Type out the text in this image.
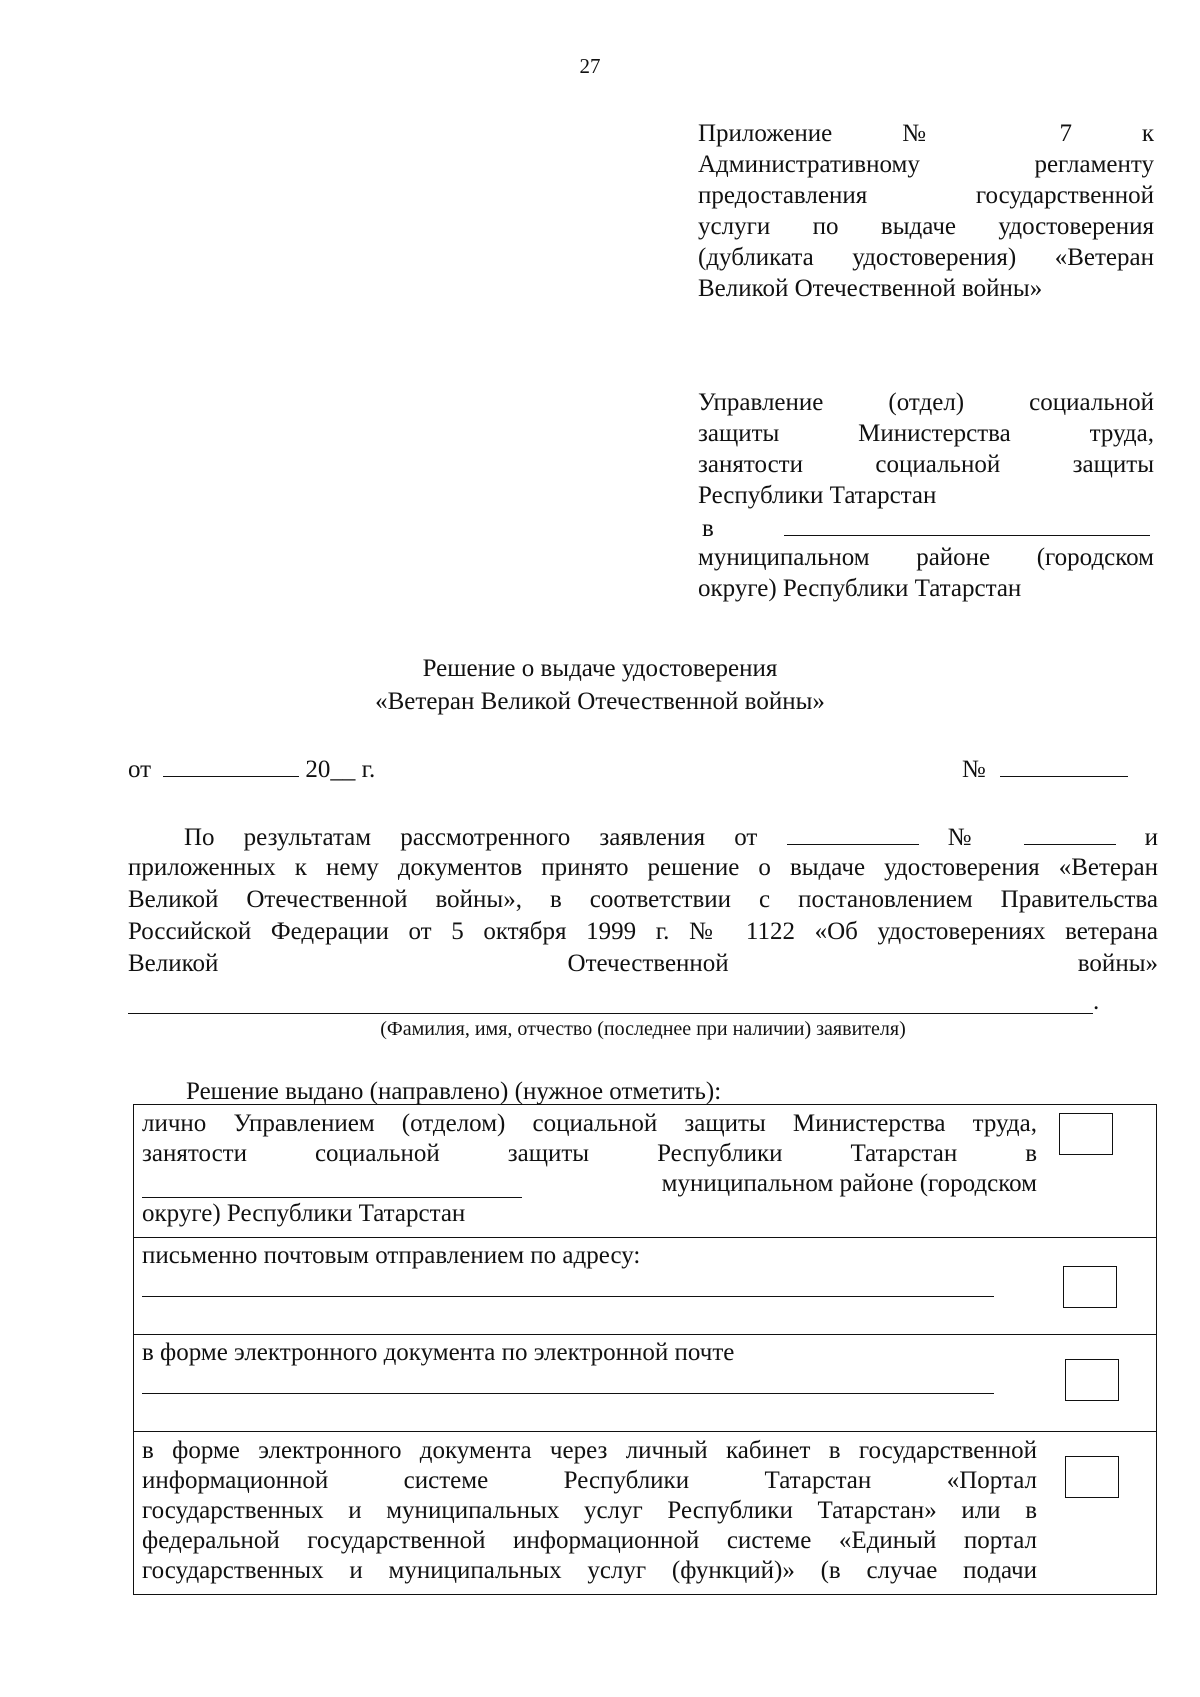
27
Приложение № 7 к
Административному регламенту
предоставления государственной
услуги по выдаче удостоверения
(дубликата удостоверения) «Ветеран
Великой Отечественной войны»
Управление (отдел) социальной
защиты Министерства труда,
занятости социальной защиты
Республики Татарстан
в
муниципальном районе (городском
округе) Республики Татарстан
Решение о выдаче удостоверения
«Ветеран Великой Отечественной войны»
от	20__ г.	№
По результатам рассмотренного заявления от	№	и
приложенных к нему документов принято решение о выдаче удостоверения «Ветеран
Великой Отечественной войны», в соответствии с постановлением Правительства
Российской Федерации от 5 октября 1999 г. № 1122 «Об удостоверениях ветерана
Великой Отечественной войны»
.
(Фамилия, имя, отчество (последнее при наличии) заявителя)
Решение выдано (направлено) (нужное отметить):
лично Управлением (отделом) социальной защиты Министерства труда,
занятости социальной защиты Республики Татарстан в
муниципальном районе (городском
округе) Республики Татарстан
письменно почтовым отправлением по адресу:
в форме электронного документа по электронной почте
в форме электронного документа через личный кабинет в государственной
информационной системе Республики Татарстан «Портал
государственных и муниципальных услуг Республики Татарстан» или в
федеральной государственной информационной системе «Единый портал
государственных и муниципальных услуг (функций)» (в случае подачи
